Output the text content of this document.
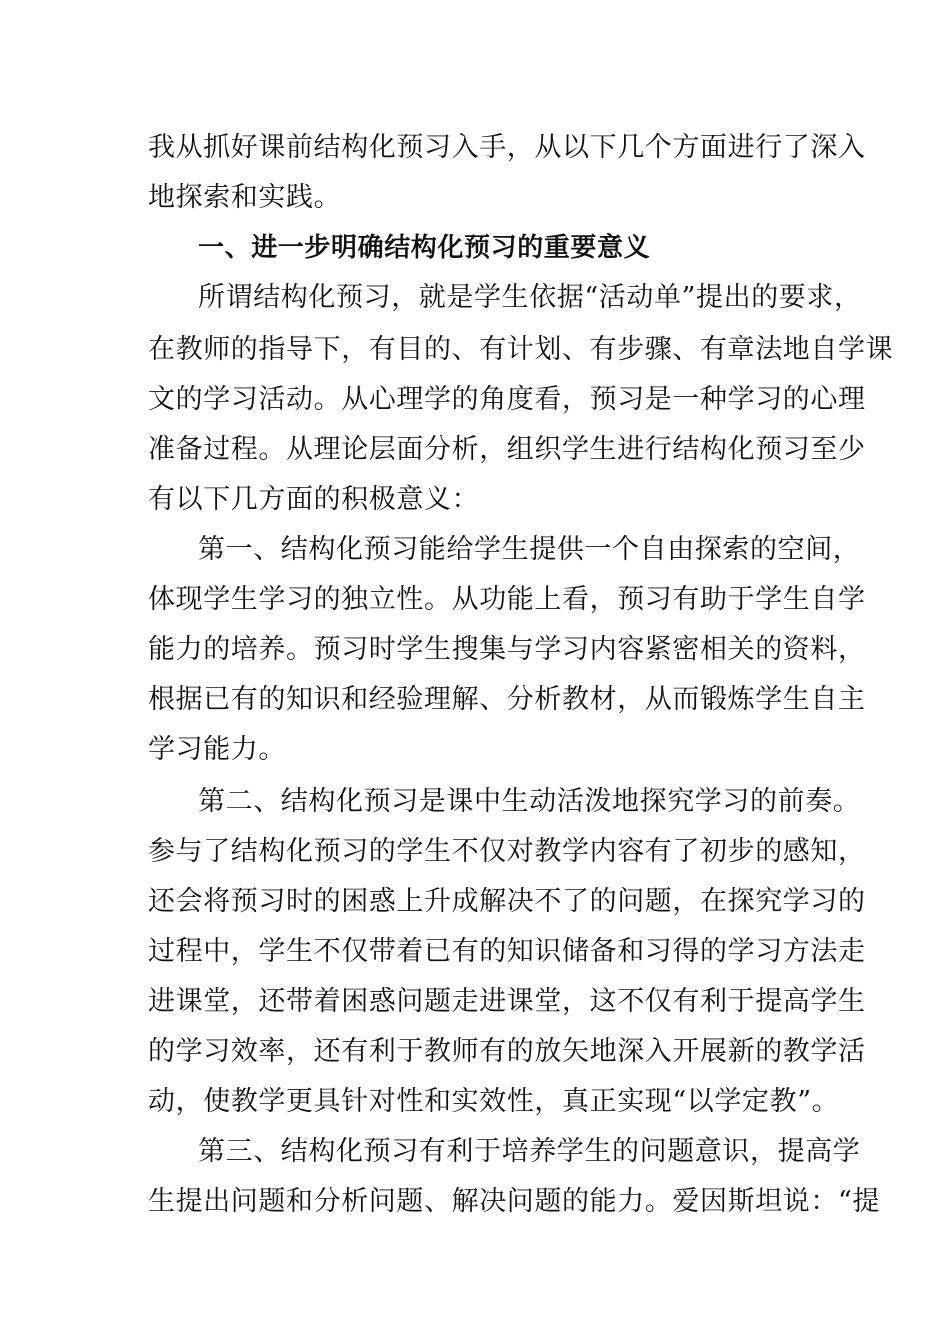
我从抓好课前结构化预习入手，从以下几个方面进行了深入
地探索和实践。
一、进一步明确结构化预习的重要意义
所谓结构化预习，就是学生依据“活动单”提出的要求，
在教师的指导下，有目的、有计划、有步骤、有章法地自学课
文的学习活动。从心理学的角度看，预习是一种学习的心理
准备过程。从理论层面分析，组织学生进行结构化预习至少
有以下几方面的积极意义：
第一、结构化预习能给学生提供一个自由探索的空间，
体现学生学习的独立性。从功能上看，预习有助于学生自学
能力的培养。预习时学生搜集与学习内容紧密相关的资料，
根据已有的知识和经验理解、分析教材，从而锻炼学生自主
学习能力。
第二、结构化预习是课中生动活泼地探究学习的前奏。
参与了结构化预习的学生不仅对教学内容有了初步的感知，
还会将预习时的困惑上升成解决不了的问题，在探究学习的
过程中，学生不仅带着已有的知识储备和习得的学习方法走
进课堂，还带着困惑问题走进课堂，这不仅有利于提高学生
的学习效率，还有利于教师有的放矢地深入开展新的教学活
动，使教学更具针对性和实效性，真正实现“以学定教”。
第三、结构化预习有利于培养学生的问题意识，提高学
生提出问题和分析问题、解决问题的能力。爱因斯坦说：“提
